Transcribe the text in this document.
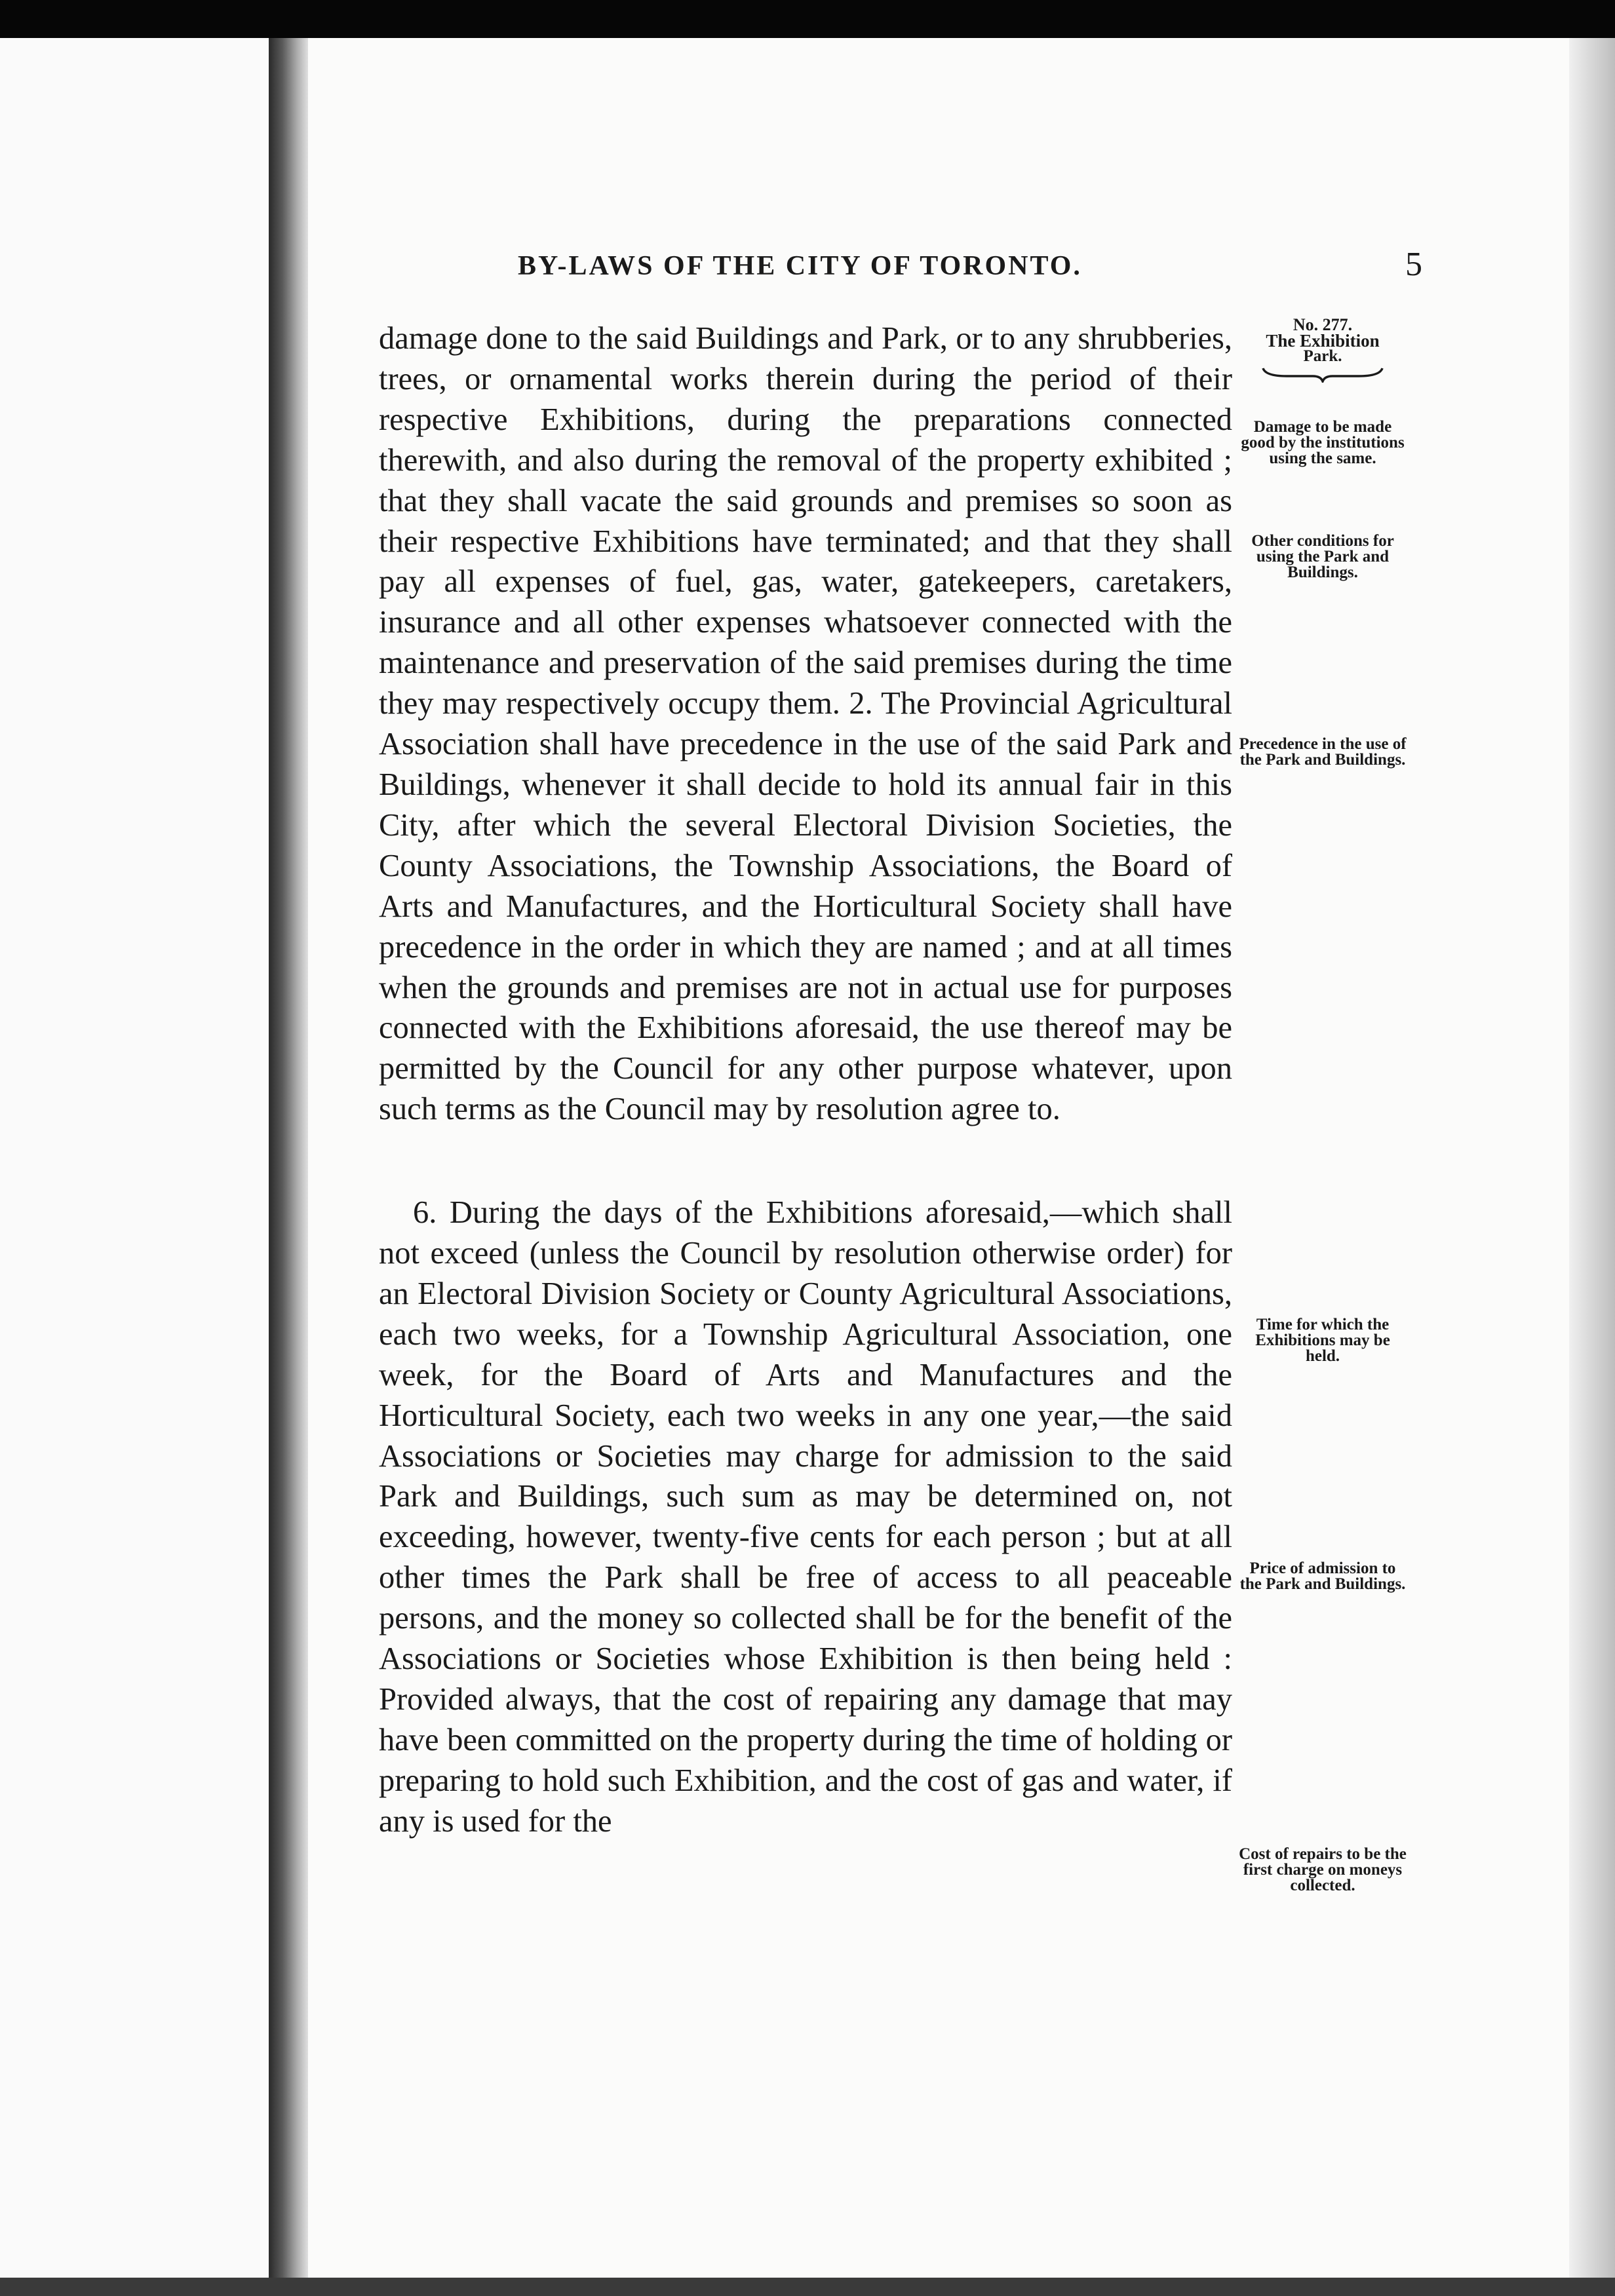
BY-LAWS OF THE CITY OF TORONTO.	5
No. 277.
The Exhibition
Park.
Damage to be made good by the institutions using the same.
Other conditions for using the Park and Buildings.
Precedence in the use of the Park and Buildings.
Time for which the Exhibitions may be held.
Price of admission to the Park and Buildings.
Cost of repairs to be the first charge on moneys collected.

damage done to the said Buildings and Park, or to any shrubberies, trees, or ornamental works therein during the period of their respective Exhibitions, during the preparations connected therewith, and also during the removal of the property exhibited ; that they shall vacate the said grounds and premises so soon as their respective Exhibitions have terminated; and that they shall pay all expenses of fuel, gas, water, gatekeepers, caretakers, insurance and all other expenses whatsoever connected with the maintenance and preservation of the said premises during the time they may respectively occupy them. 2. The Provincial Agricultural Association shall have precedence in the use of the said Park and Buildings, whenever it shall decide to hold its annual fair in this City, after which the several Electoral Division Societies, the County Associations, the Township Associations, the Board of Arts and Manufactures, and the Horticultural Society shall have precedence in the order in which they are named ; and at all times when the grounds and premises are not in actual use for purposes connected with the Exhibitions aforesaid, the use thereof may be permitted by the Council for any other purpose whatever, upon such terms as the Council may by resolution agree to.

6. During the days of the Exhibitions aforesaid,—which shall not exceed (unless the Council by resolution otherwise order) for an Electoral Division Society or County Agricultural Associations, each two weeks, for a Township Agricultural Association, one week, for the Board of Arts and Manufactures and the Horticultural Society, each two weeks in any one year,—the said Associations or Societies may charge for admission to the said Park and Buildings, such sum as may be determined on, not exceeding, however, twenty-five cents for each person ; but at all other times the Park shall be free of access to all peaceable persons, and the money so collected shall be for the benefit of the Associations or Societies whose Exhibition is then being held : Provided always, that the cost of repairing any damage that may have been committed on the property during the time of holding or preparing to hold such Exhibition, and the cost of gas and water, if any is used for the
